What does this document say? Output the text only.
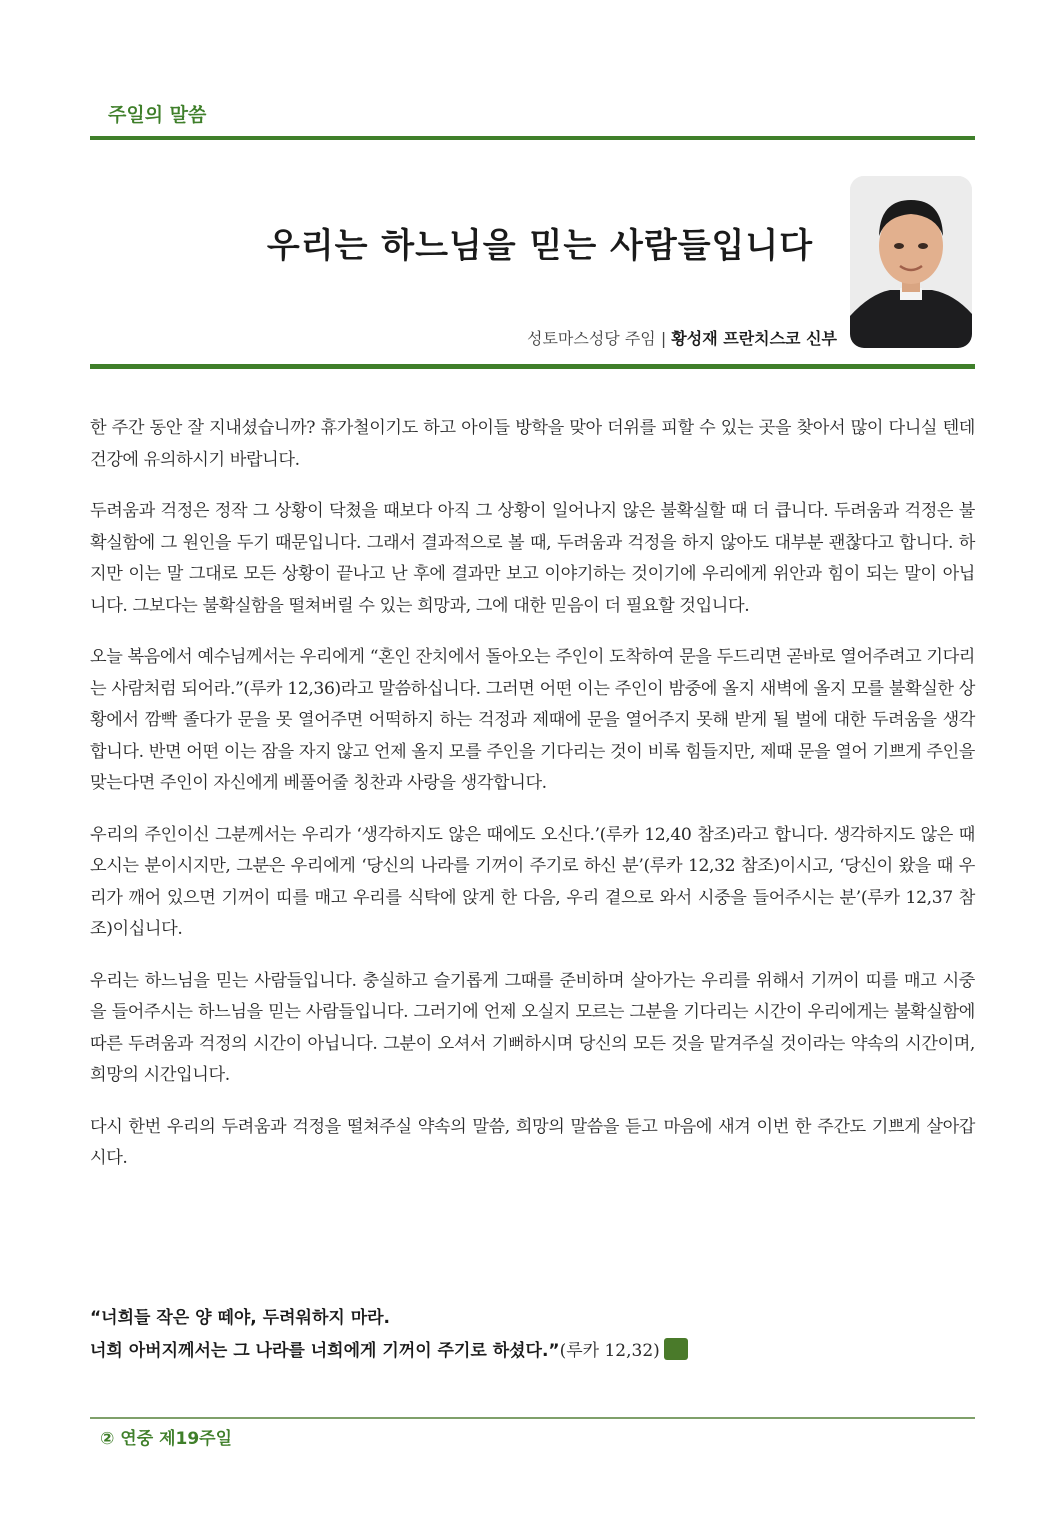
주일의 말씀
우리는 하느님을 믿는 사람들입니다
성토마스성당 주임 | 황성재 프란치스코 신부

한 주간 동안 잘 지내셨습니까? 휴가철이기도 하고 아이들 방학을 맞아 더위를 피할 수 있는 곳을 찾아서 많이 다니실 텐데 건강에 유의하시기 바랍니다.

두려움과 걱정은 정작 그 상황이 닥쳤을 때보다 아직 그 상황이 일어나지 않은 불확실할 때 더 큽니다. 두려움과 걱정은 불확실함에 그 원인을 두기 때문입니다. 그래서 결과적으로 볼 때, 두려움과 걱정을 하지 않아도 대부분 괜찮다고 합니다. 하지만 이는 말 그대로 모든 상황이 끝나고 난 후에 결과만 보고 이야기하는 것이기에 우리에게 위안과 힘이 되는 말이 아닙니다. 그보다는 불확실함을 떨쳐버릴 수 있는 희망과, 그에 대한 믿음이 더 필요할 것입니다.

오늘 복음에서 예수님께서는 우리에게 “혼인 잔치에서 돌아오는 주인이 도착하여 문을 두드리면 곧바로 열어주려고 기다리는 사람처럼 되어라.”(루카 12,36)라고 말씀하십니다. 그러면 어떤 이는 주인이 밤중에 올지 새벽에 올지 모를 불확실한 상황에서 깜빡 졸다가 문을 못 열어주면 어떡하지 하는 걱정과 제때에 문을 열어주지 못해 받게 될 벌에 대한 두려움을 생각합니다. 반면 어떤 이는 잠을 자지 않고 언제 올지 모를 주인을 기다리는 것이 비록 힘들지만, 제때 문을 열어 기쁘게 주인을 맞는다면 주인이 자신에게 베풀어줄 칭찬과 사랑을 생각합니다.

우리의 주인이신 그분께서는 우리가 ‘생각하지도 않은 때에도 오신다.’(루카 12,40 참조)라고 합니다. 생각하지도 않은 때 오시는 분이시지만, 그분은 우리에게 ‘당신의 나라를 기꺼이 주기로 하신 분’(루카 12,32 참조)이시고, ‘당신이 왔을 때 우리가 깨어 있으면 기꺼이 띠를 매고 우리를 식탁에 앉게 한 다음, 우리 곁으로 와서 시중을 들어주시는 분’(루카 12,37 참조)이십니다.

우리는 하느님을 믿는 사람들입니다. 충실하고 슬기롭게 그때를 준비하며 살아가는 우리를 위해서 기꺼이 띠를 매고 시중을 들어주시는 하느님을 믿는 사람들입니다. 그러기에 언제 오실지 모르는 그분을 기다리는 시간이 우리에게는 불확실함에 따른 두려움과 걱정의 시간이 아닙니다. 그분이 오셔서 기뻐하시며 당신의 모든 것을 맡겨주실 것이라는 약속의 시간이며, 희망의 시간입니다.

다시 한번 우리의 두려움과 걱정을 떨쳐주실 약속의 말씀, 희망의 말씀을 듣고 마음에 새겨 이번 한 주간도 기쁘게 살아갑시다.

“너희들 작은 양 떼야, 두려워하지 마라.
너희 아버지께서는 그 나라를 너희에게 기꺼이 주기로 하셨다.”(루카 12,32)
② 연중 제19주일
